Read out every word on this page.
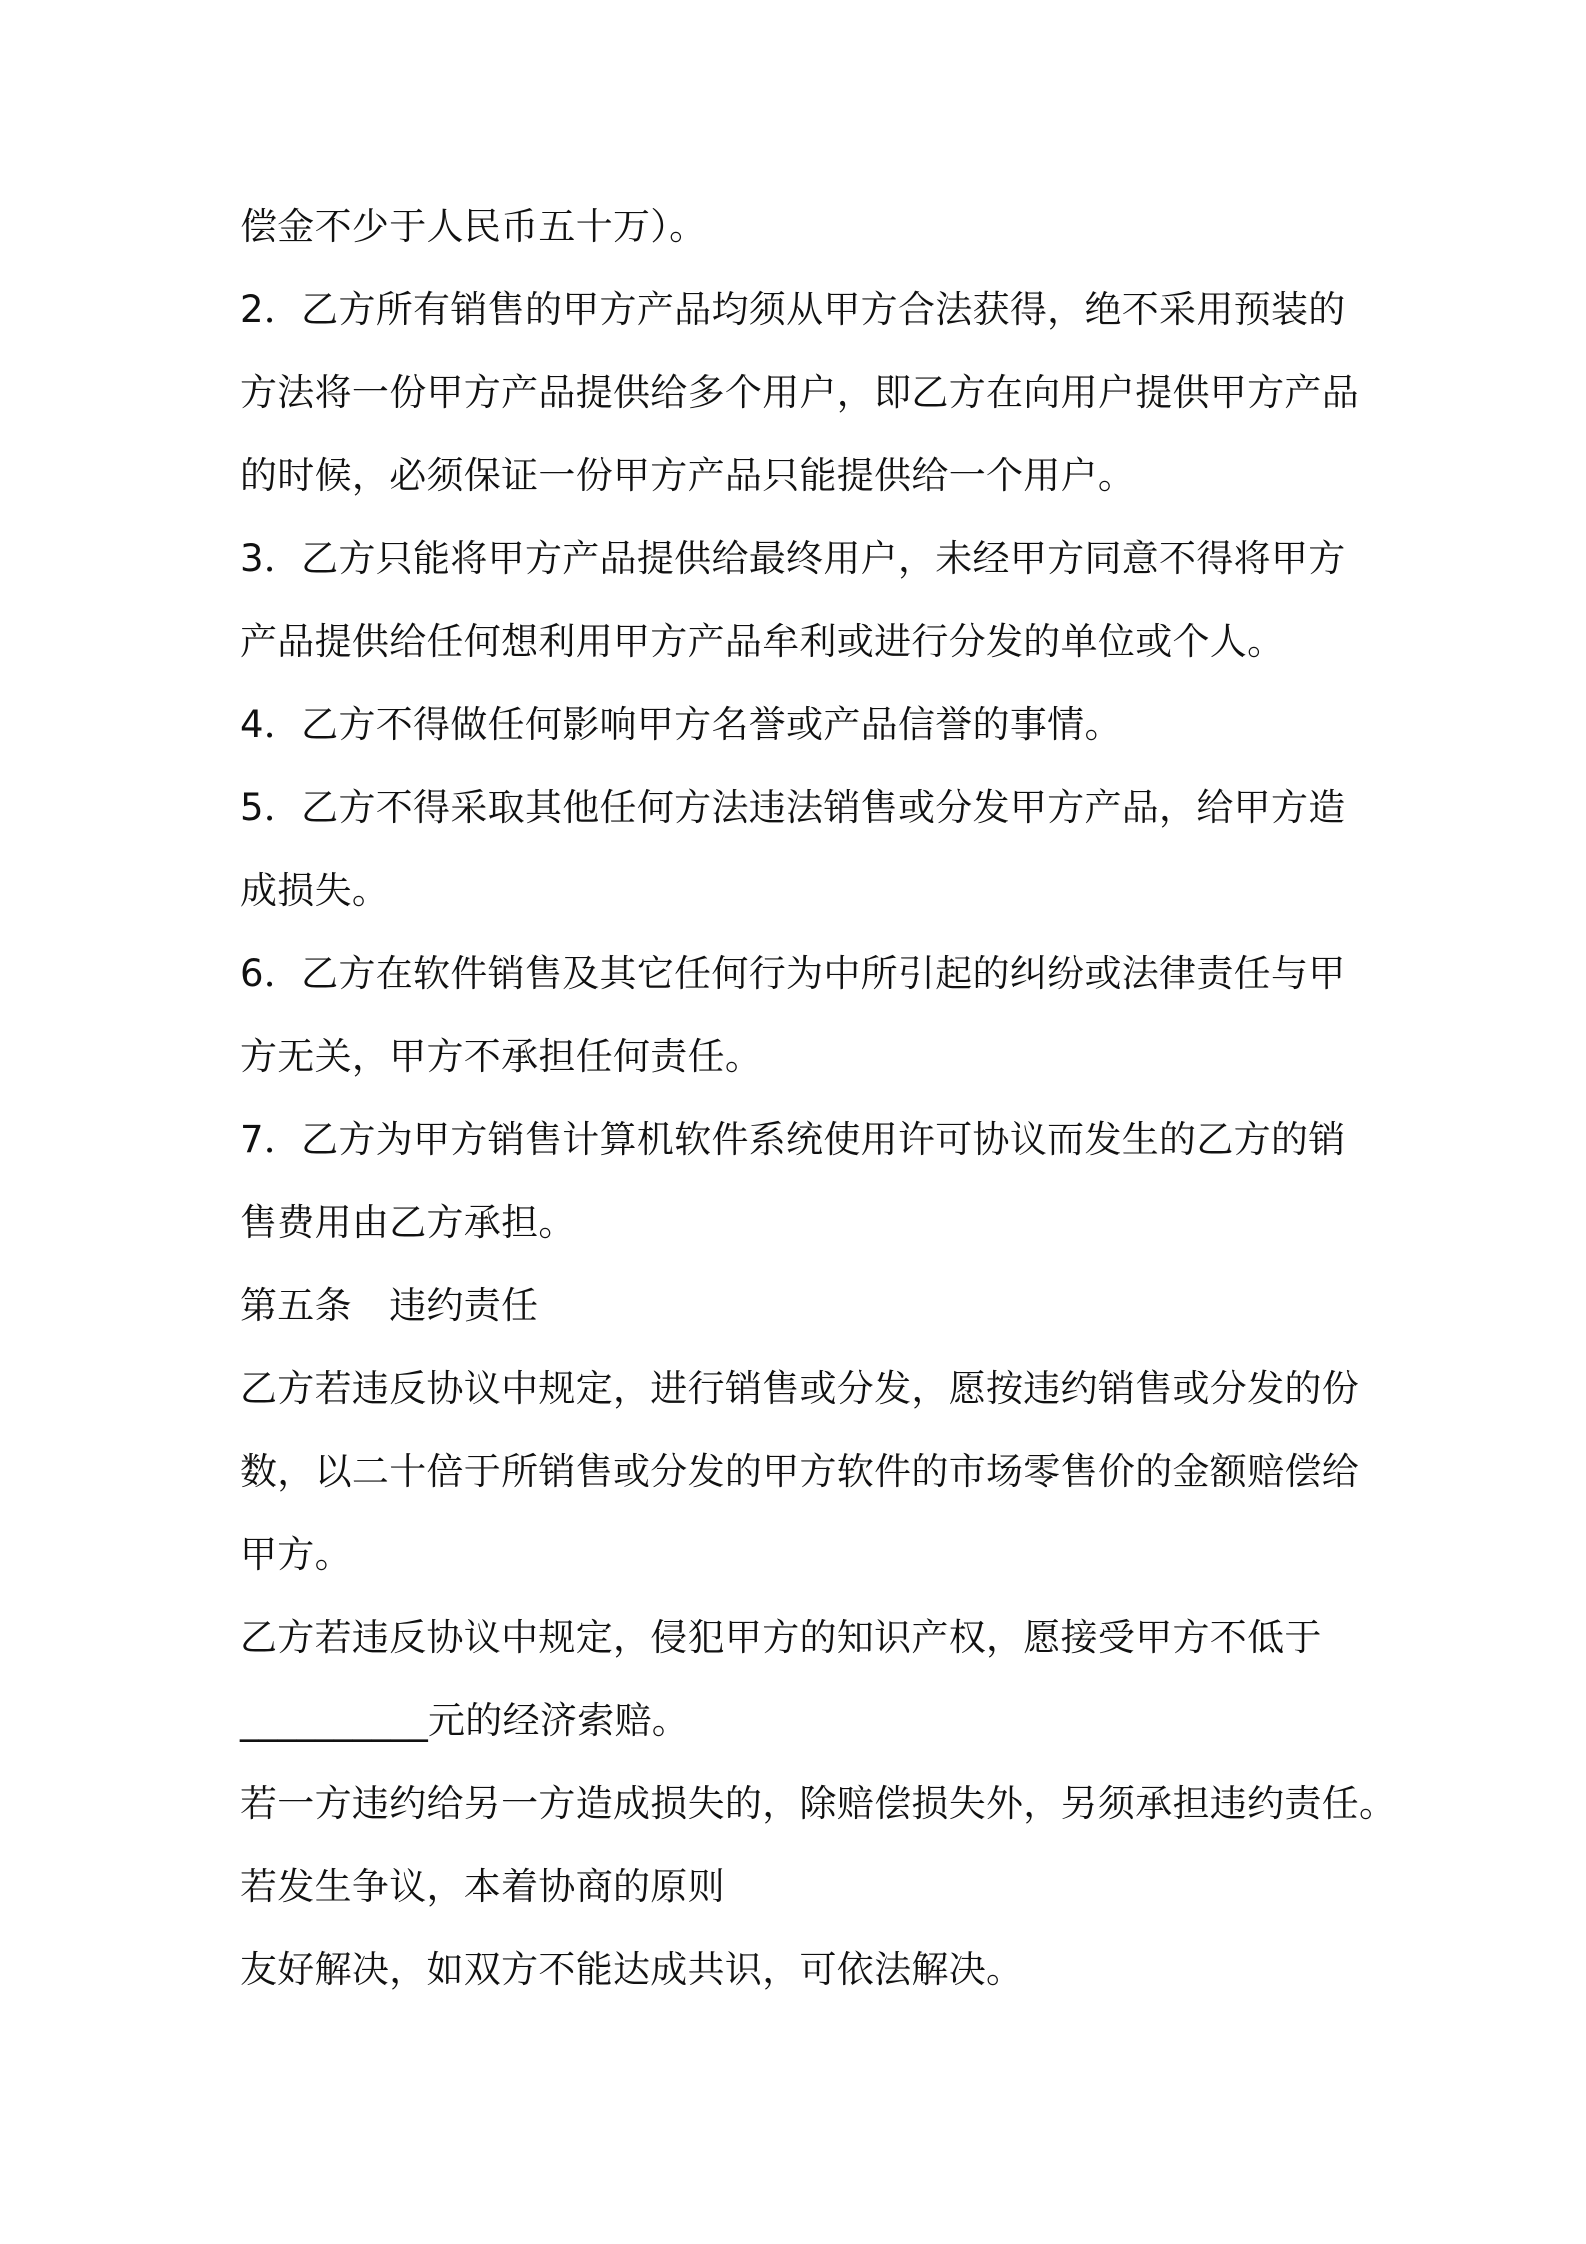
偿金不少于人民币五十万）。
2．乙方所有销售的甲方产品均须从甲方合法获得，绝不采用预装的
方法将一份甲方产品提供给多个用户，即乙方在向用户提供甲方产品
的时候，必须保证一份甲方产品只能提供给一个用户。
3．乙方只能将甲方产品提供给最终用户，未经甲方同意不得将甲方
产品提供给任何想利用甲方产品牟利或进行分发的单位或个人。
4．乙方不得做任何影响甲方名誉或产品信誉的事情。
5．乙方不得采取其他任何方法违法销售或分发甲方产品，给甲方造
成损失。
6．乙方在软件销售及其它任何行为中所引起的纠纷或法律责任与甲
方无关，甲方不承担任何责任。
7．乙方为甲方销售计算机软件系统使用许可协议而发生的乙方的销
售费用由乙方承担。
第五条　违约责任
乙方若违反协议中规定，进行销售或分发，愿按违约销售或分发的份
数，以二十倍于所销售或分发的甲方软件的市场零售价的金额赔偿给
甲方。
乙方若违反协议中规定，侵犯甲方的知识产权，愿接受甲方不低于
__________元的经济索赔。
若一方违约给另一方造成损失的，除赔偿损失外，另须承担违约责任。
若发生争议，本着协商的原则
友好解决，如双方不能达成共识，可依法解决。
